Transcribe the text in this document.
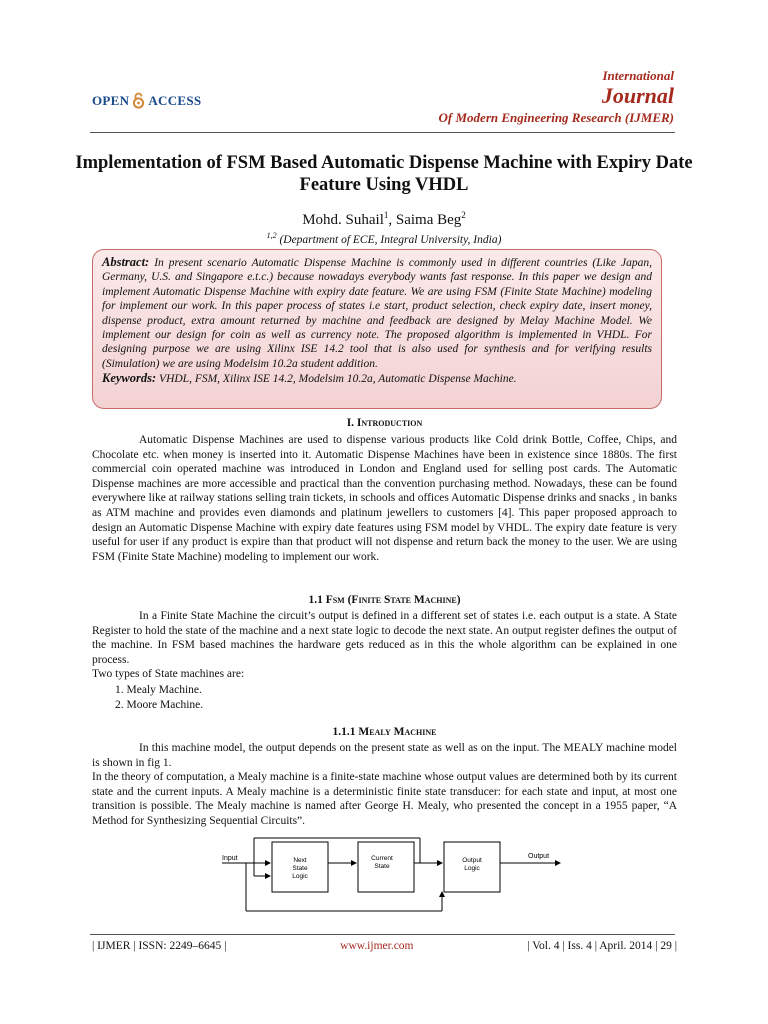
OPEN ACCESS
International
Journal
Of Modern Engineering Research (IJMER)
Implementation of FSM Based Automatic Dispense Machine with Expiry Date Feature Using VHDL
Mohd. Suhail$^1$, Saima Beg$^2$
$^{1,2}$ (Department of ECE, Integral University, India)
Abstract: In present scenario Automatic Dispense Machine is commonly used in different countries (Like Japan, Germany, U.S. and Singapore e.t.c.) because nowadays everybody wants fast response. In this paper we design and implement Automatic Dispense Machine with expiry date feature. We are using FSM (Finite State Machine) modeling for implement our work. In this paper process of states i.e start, product selection, check expiry date, insert money, dispense product, extra amount returned by machine and feedback are designed by Melay Machine Model. We implement our design for coin as well as currency note. The proposed algorithm is implemented in VHDL. For designing purpose we are using Xilinx ISE 14.2 tool that is also used for synthesis and for verifying results (Simulation) we are using Modelsim 10.2a student addition.
Keywords: VHDL, FSM, Xilinx ISE 14.2, Modelsim 10.2a, Automatic Dispense Machine.
I. Introduction

Automatic Dispense Machines are used to dispense various products like Cold drink Bottle, Coffee, Chips, and Chocolate etc. when money is inserted into it. Automatic Dispense Machines have been in existence since 1880s. The first commercial coin operated machine was introduced in London and England used for selling post cards. The Automatic Dispense machines are more accessible and practical than the convention purchasing method. Nowadays, these can be found everywhere like at railway stations selling train tickets, in schools and offices Automatic Dispense drinks and snacks , in banks as ATM machine and provides even diamonds and platinum jewellers to customers [4]. This paper proposed approach to design an Automatic Dispense Machine with expiry date features using FSM model by VHDL. The expiry date feature is very useful for user if any product is expire than that product will not dispense and return back the money to the user. We are using FSM (Finite State Machine) modeling to implement our work.

1.1 Fsm (Finite State Machine)

In a Finite State Machine the circuit’s output is defined in a different set of states i.e. each output is a state. A State Register to hold the state of the machine and a next state logic to decode the next state. An output register defines the output of the machine. In FSM based machines the hardware gets reduced as in this the whole algorithm can be explained in one process.

Two types of State machines are:

1. Mealy Machine.
2. Moore Machine.
1.1.1 Mealy Machine

In this machine model, the output depends on the present state as well as on the input. The MEALY machine model is shown in fig 1.

In the theory of computation, a Mealy machine is a finite-state machine whose output values are determined both by its current state and the current inputs. A Mealy machine is a deterministic finite state transducer: for each state and input, at most one transition is possible. The Mealy machine is named after George H. Mealy, who presented the concept in a 1955 paper, “A Method for Synthesizing Sequential Circuits”.

Input	Next
State
Logic
Current
State
Output
Logic
Output
| IJMER | ISSN: 2249–6645 |	www.ijmer.com	| Vol. 4 | Iss. 4 | April. 2014 | 29 |
